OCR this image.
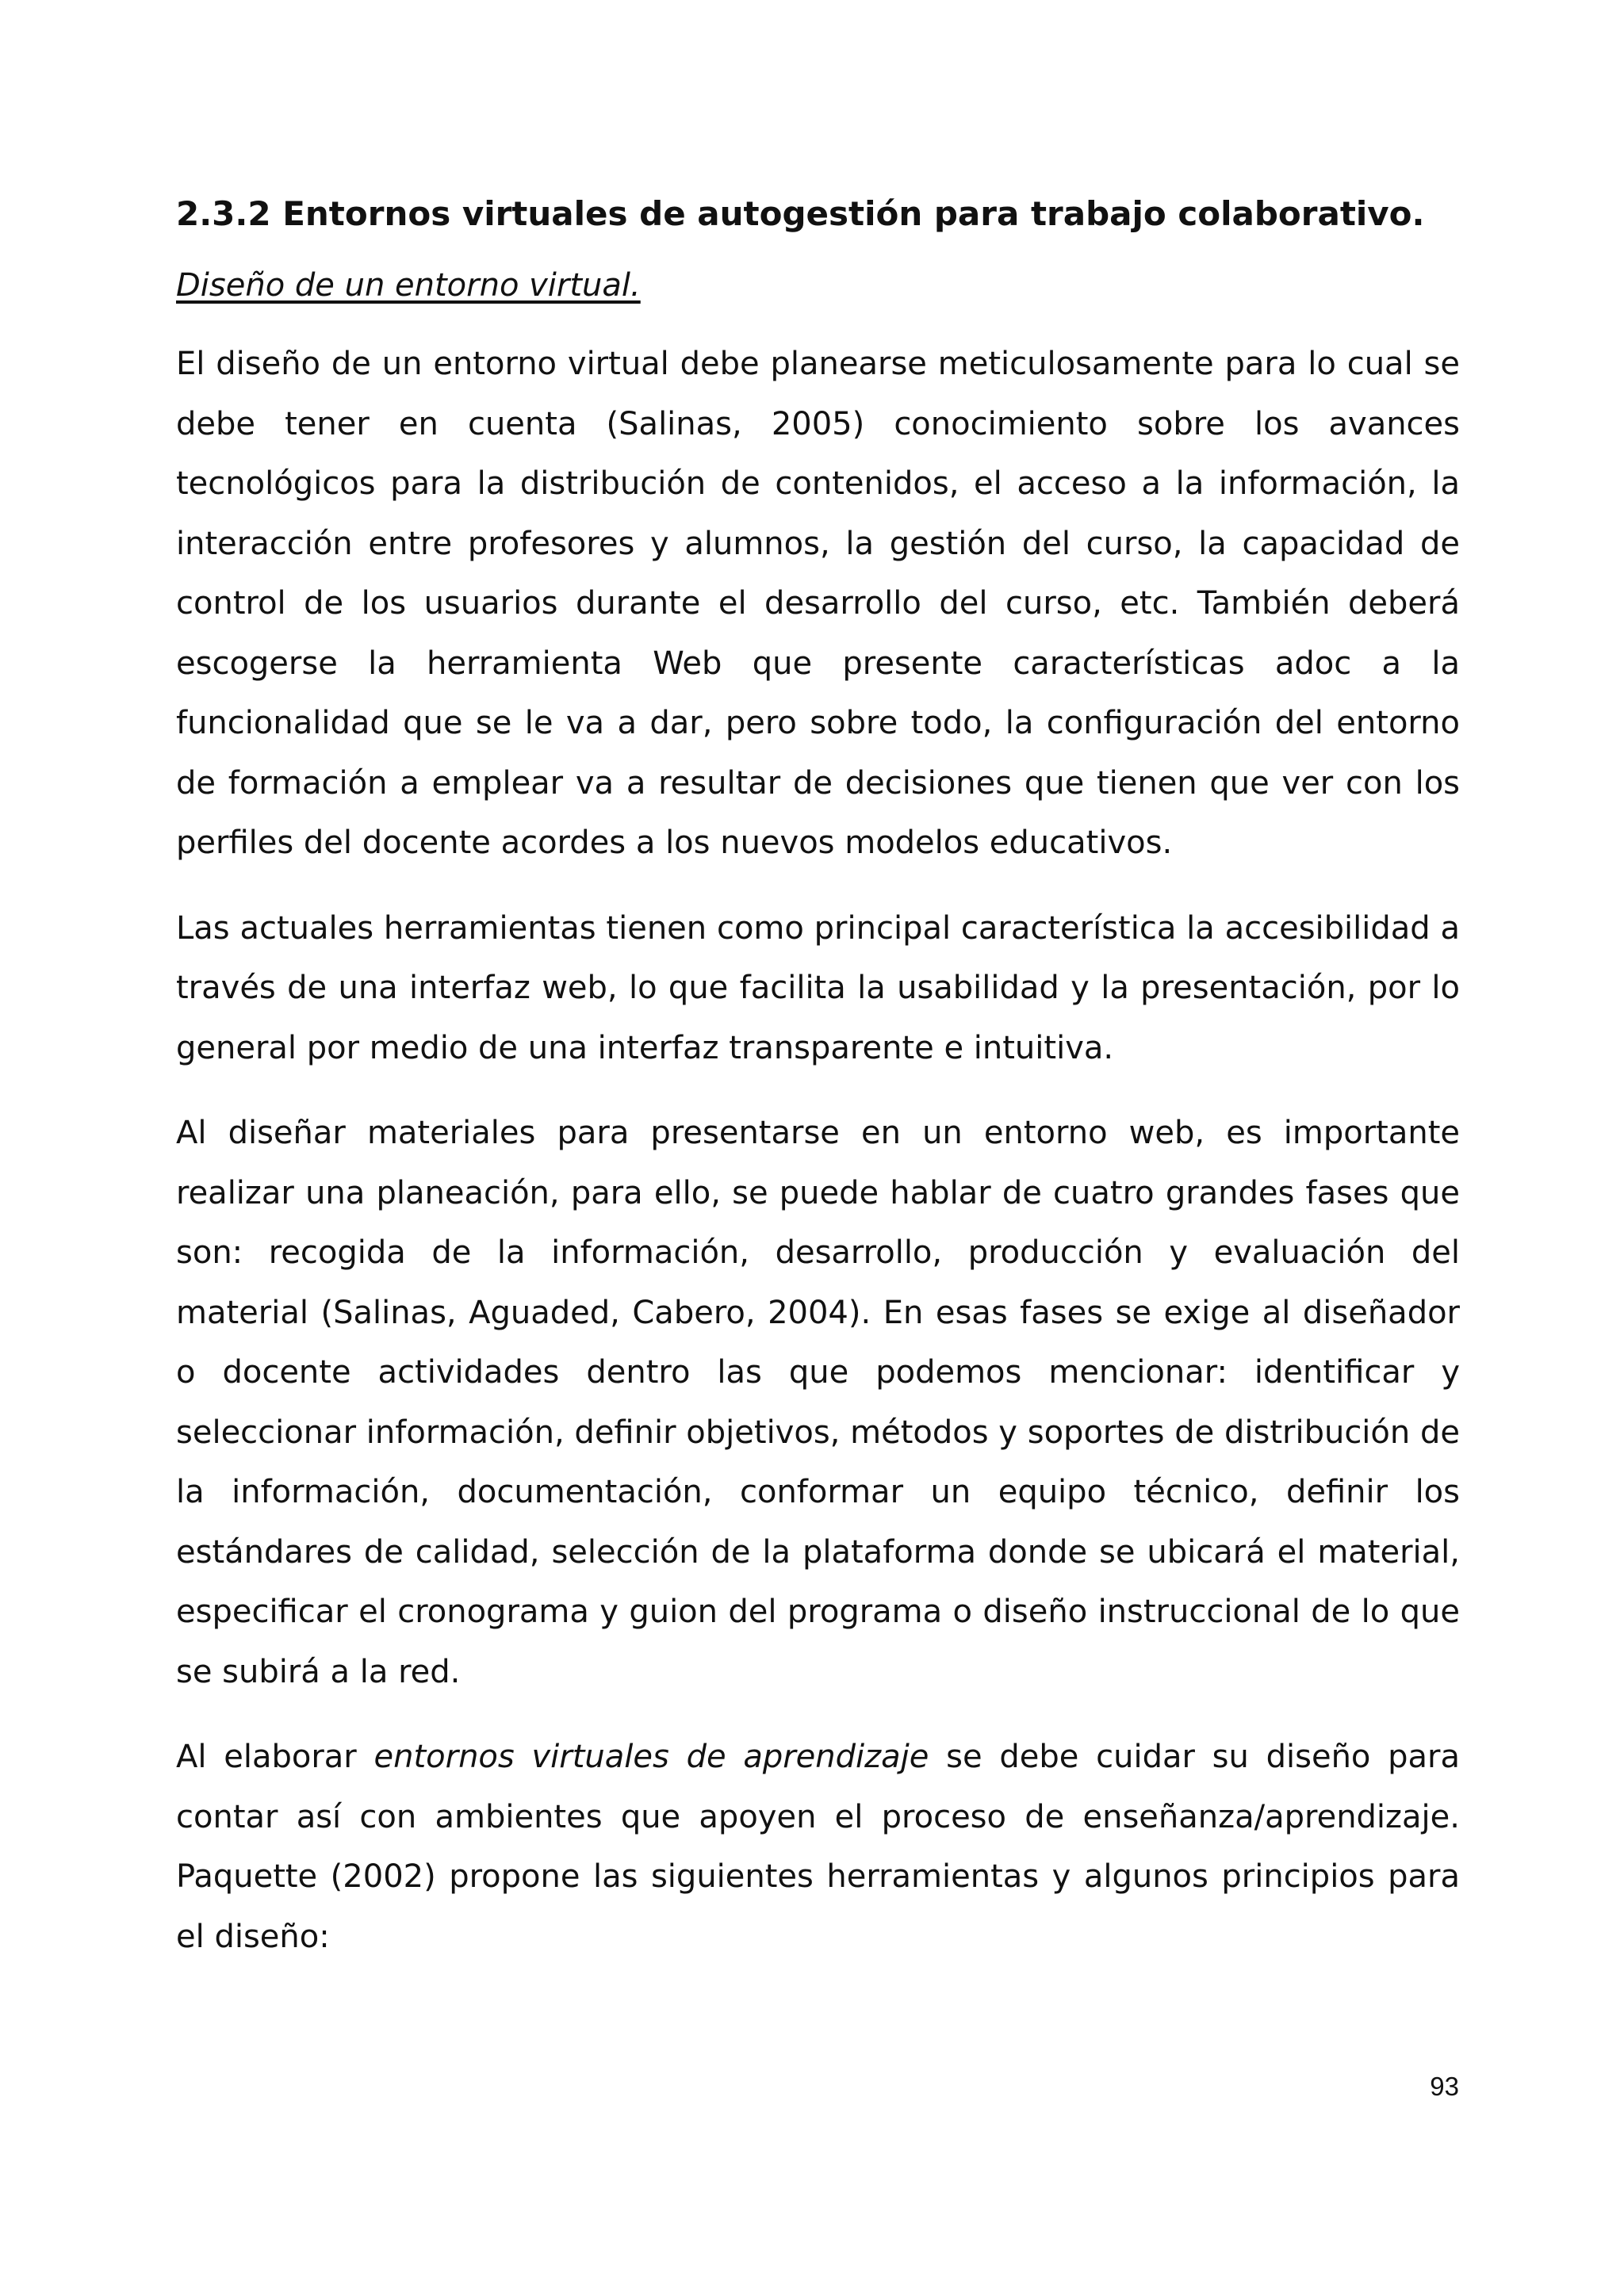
2.3.2 Entornos virtuales de autogestión para trabajo colaborativo.
Diseño de un entorno virtual.

El diseño de un entorno virtual debe planearse meticulosamente para lo cual se debe tener en cuenta (Salinas, 2005) conocimiento sobre los avances tecnológicos para la distribución de contenidos, el acceso a la información, la interacción entre profesores y alumnos, la gestión del curso, la capacidad de control de los usuarios durante el desarrollo del curso, etc. También deberá escogerse la herramienta Web que presente características adoc a la funcionalidad que se le va a dar, pero sobre todo, la configuración del entorno de formación a emplear va a resultar de decisiones que tienen que ver con los perfiles del docente acordes a los nuevos modelos educativos.

Las actuales herramientas tienen como principal característica la accesibilidad a través de una interfaz web, lo que facilita la usabilidad y la presentación, por lo general por medio de una interfaz transparente e intuitiva.

Al diseñar materiales para presentarse en un entorno web, es importante realizar una planeación, para ello, se puede hablar de cuatro grandes fases que son: recogida de la información, desarrollo, producción y evaluación del material (Salinas, Aguaded, Cabero, 2004). En esas fases se exige al diseñador o docente actividades dentro las que podemos mencionar: identificar y seleccionar información, definir objetivos, métodos y soportes de distribución de la información, documentación, conformar un equipo técnico, definir los estándares de calidad, selección de la plataforma donde se ubicará el material, especificar el cronograma y guion del programa o diseño instruccional de lo que se subirá a la red.

Al elaborar entornos virtuales de aprendizaje se debe cuidar su diseño para contar así con ambientes que apoyen el proceso de enseñanza/aprendizaje. Paquette (2002) propone las siguientes herramientas y algunos principios para el diseño:

93
